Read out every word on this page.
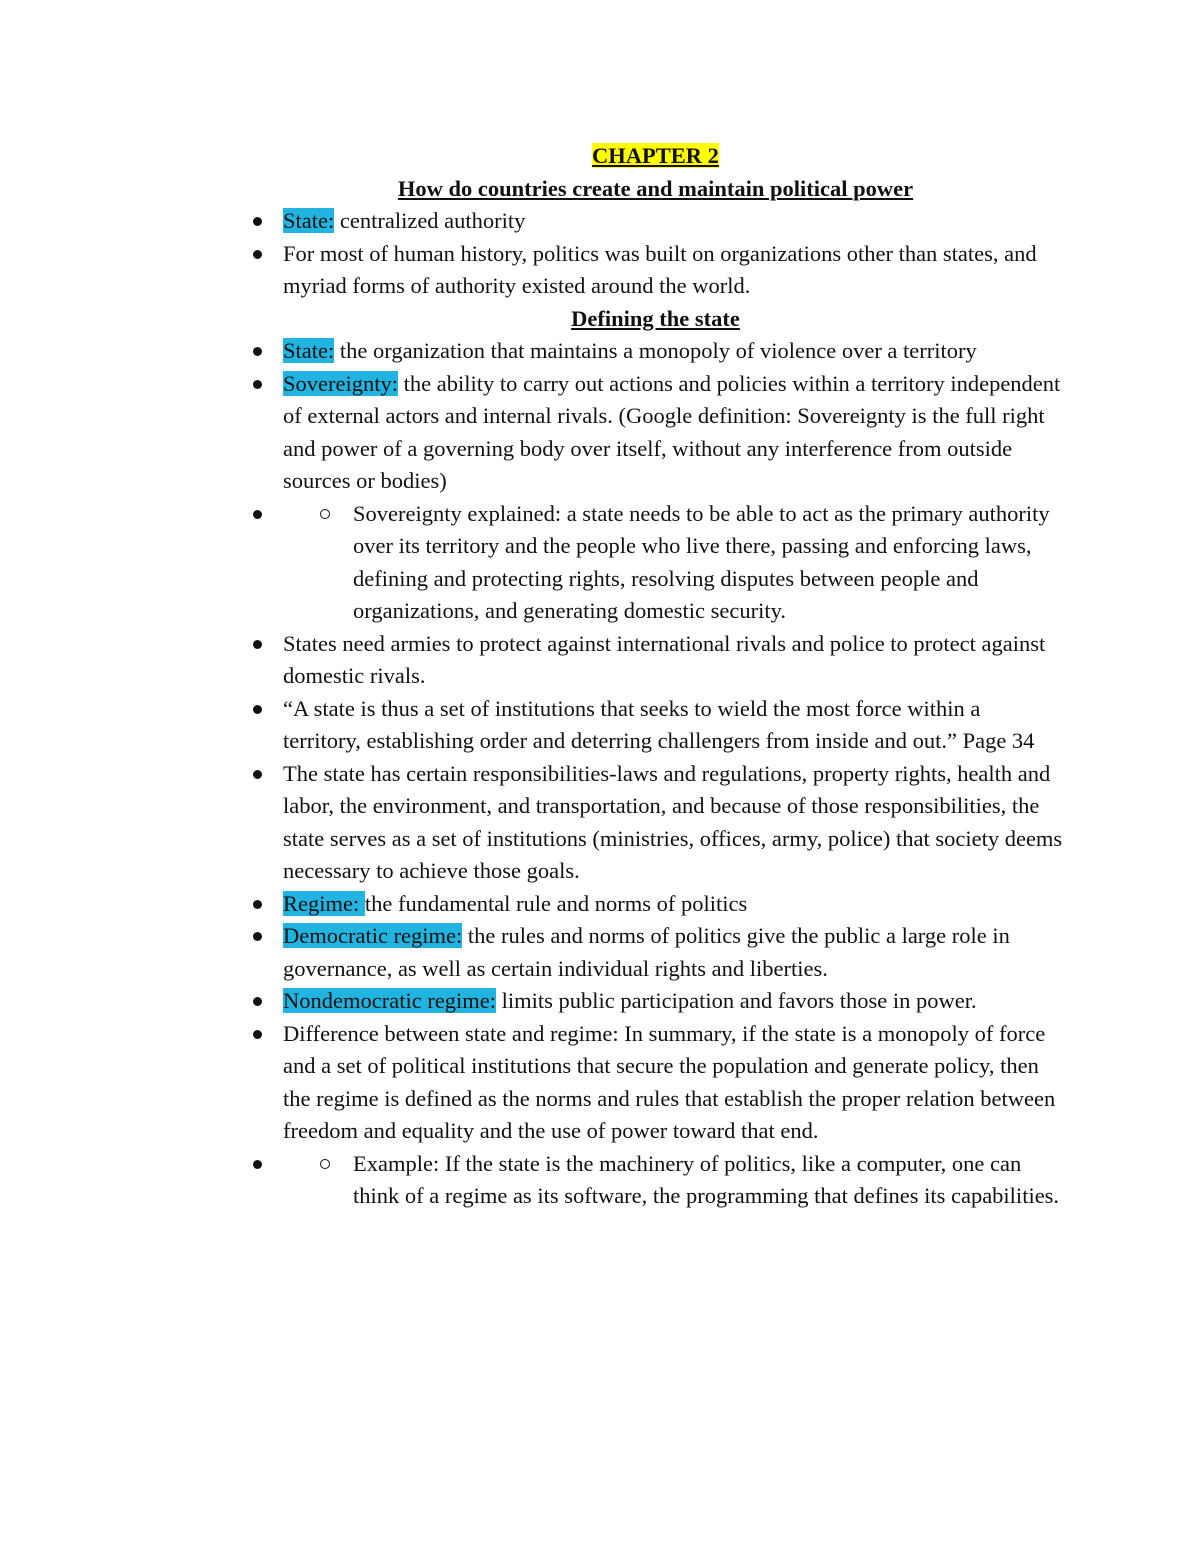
CHAPTER 2
How do countries create and maintain political power
State: centralized authority
For most of human history, politics was built on organizations other than states, and myriad forms of authority existed around the world.
Defining the state
State: the organization that maintains a monopoly of violence over a territory
Sovereignty: the ability to carry out actions and policies within a territory independent of external actors and internal rivals. (Google definition: Sovereignty is the full right and power of a governing body over itself, without any interference from outside sources or bodies)
Sovereignty explained: a state needs to be able to act as the primary authority over its territory and the people who live there, passing and enforcing laws, defining and protecting rights, resolving disputes between people and organizations, and generating domestic security.
States need armies to protect against international rivals and police to protect against domestic rivals.
“A state is thus a set of institutions that seeks to wield the most force within a territory, establishing order and deterring challengers from inside and out.” Page 34
The state has certain responsibilities-laws and regulations, property rights, health and labor, the environment, and transportation, and because of those responsibilities, the state serves as a set of institutions (ministries, offices, army, police) that society deems necessary to achieve those goals.
Regime: the fundamental rule and norms of politics
Democratic regime: the rules and norms of politics give the public a large role in governance, as well as certain individual rights and liberties.
Nondemocratic regime: limits public participation and favors those in power.
Difference between state and regime: In summary, if the state is a monopoly of force and a set of political institutions that secure the population and generate policy, then the regime is defined as the norms and rules that establish the proper relation between freedom and equality and the use of power toward that end.
Example: If the state is the machinery of politics, like a computer, one can think of a regime as its software, the programming that defines its capabilities.
